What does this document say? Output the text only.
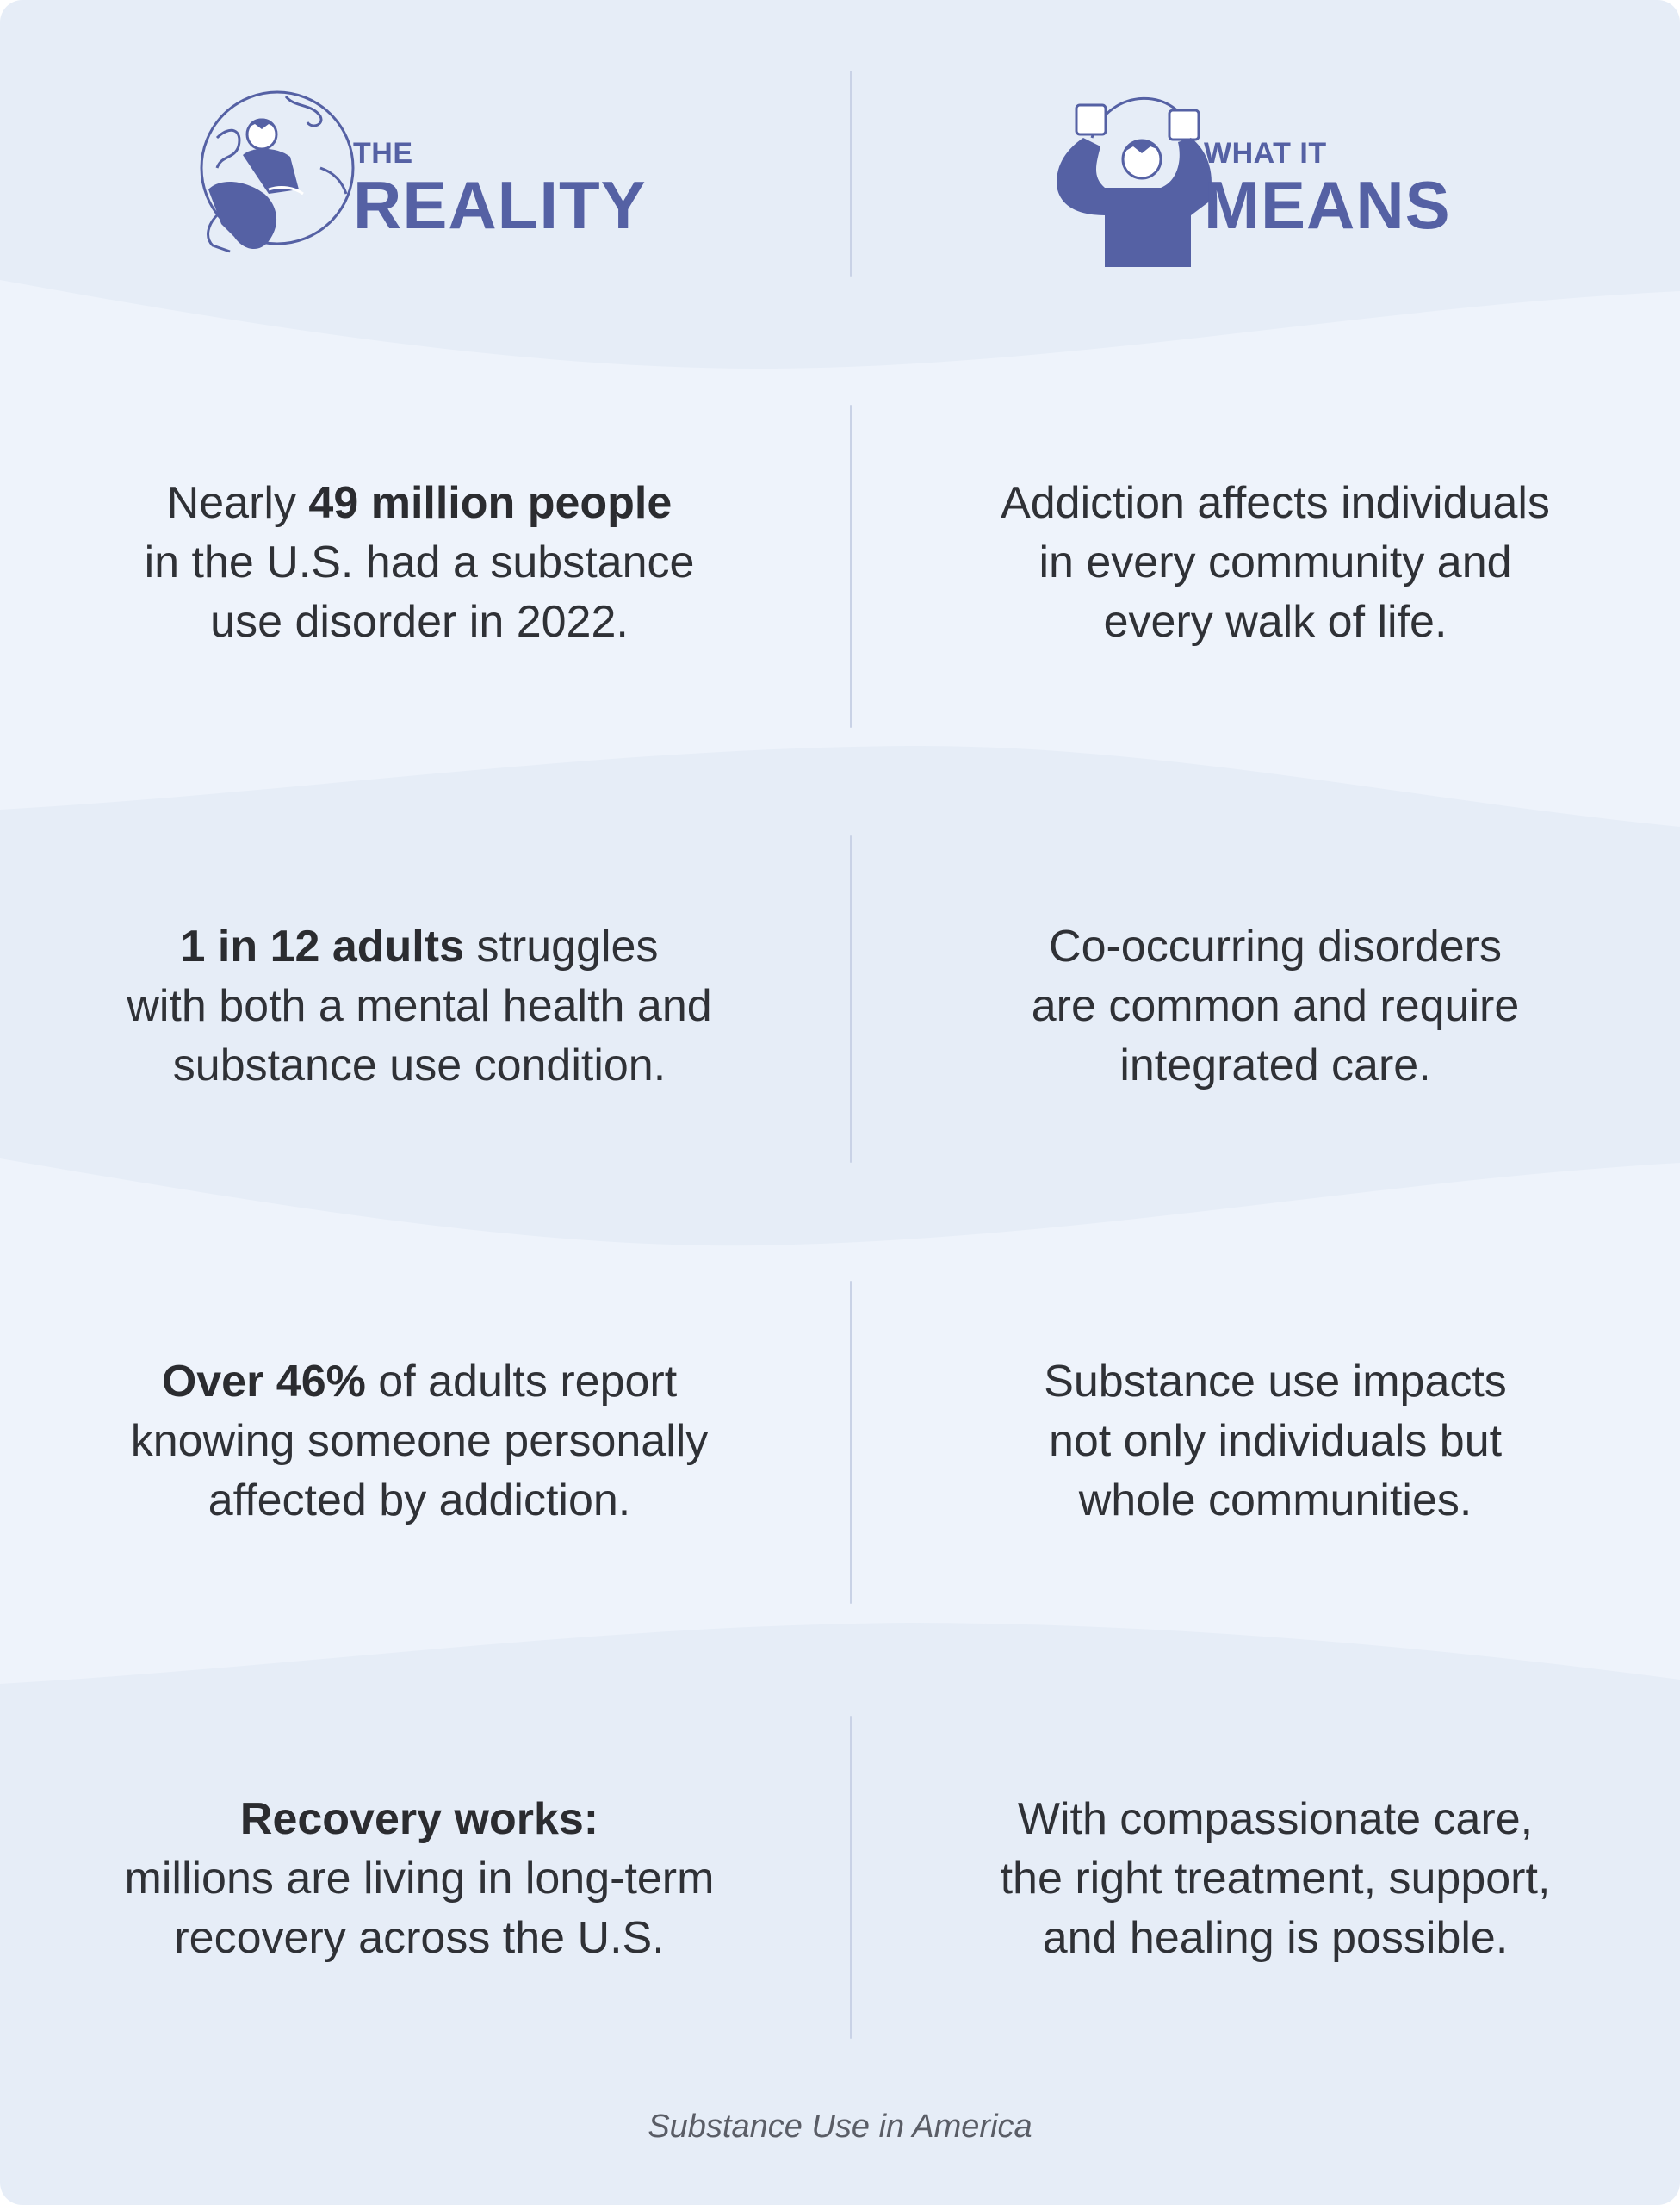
THE
REALITY
WHAT IT
MEANS
Nearly 49 million people
in the U.S. had a substance
use disorder in 2022.
Addiction affects individuals
in every community and
every walk of life.
1 in 12 adults struggles
with both a mental health and
substance use condition.
Co-occurring disorders
are common and require
integrated care.
Over 46% of adults report
knowing someone personally
affected by addiction.
Substance use impacts
not only individuals but
whole communities.
Recovery works:
millions are living in long-term
recovery across the U.S.
With compassionate care,
the right treatment, support,
and healing is possible.
Substance Use in America
